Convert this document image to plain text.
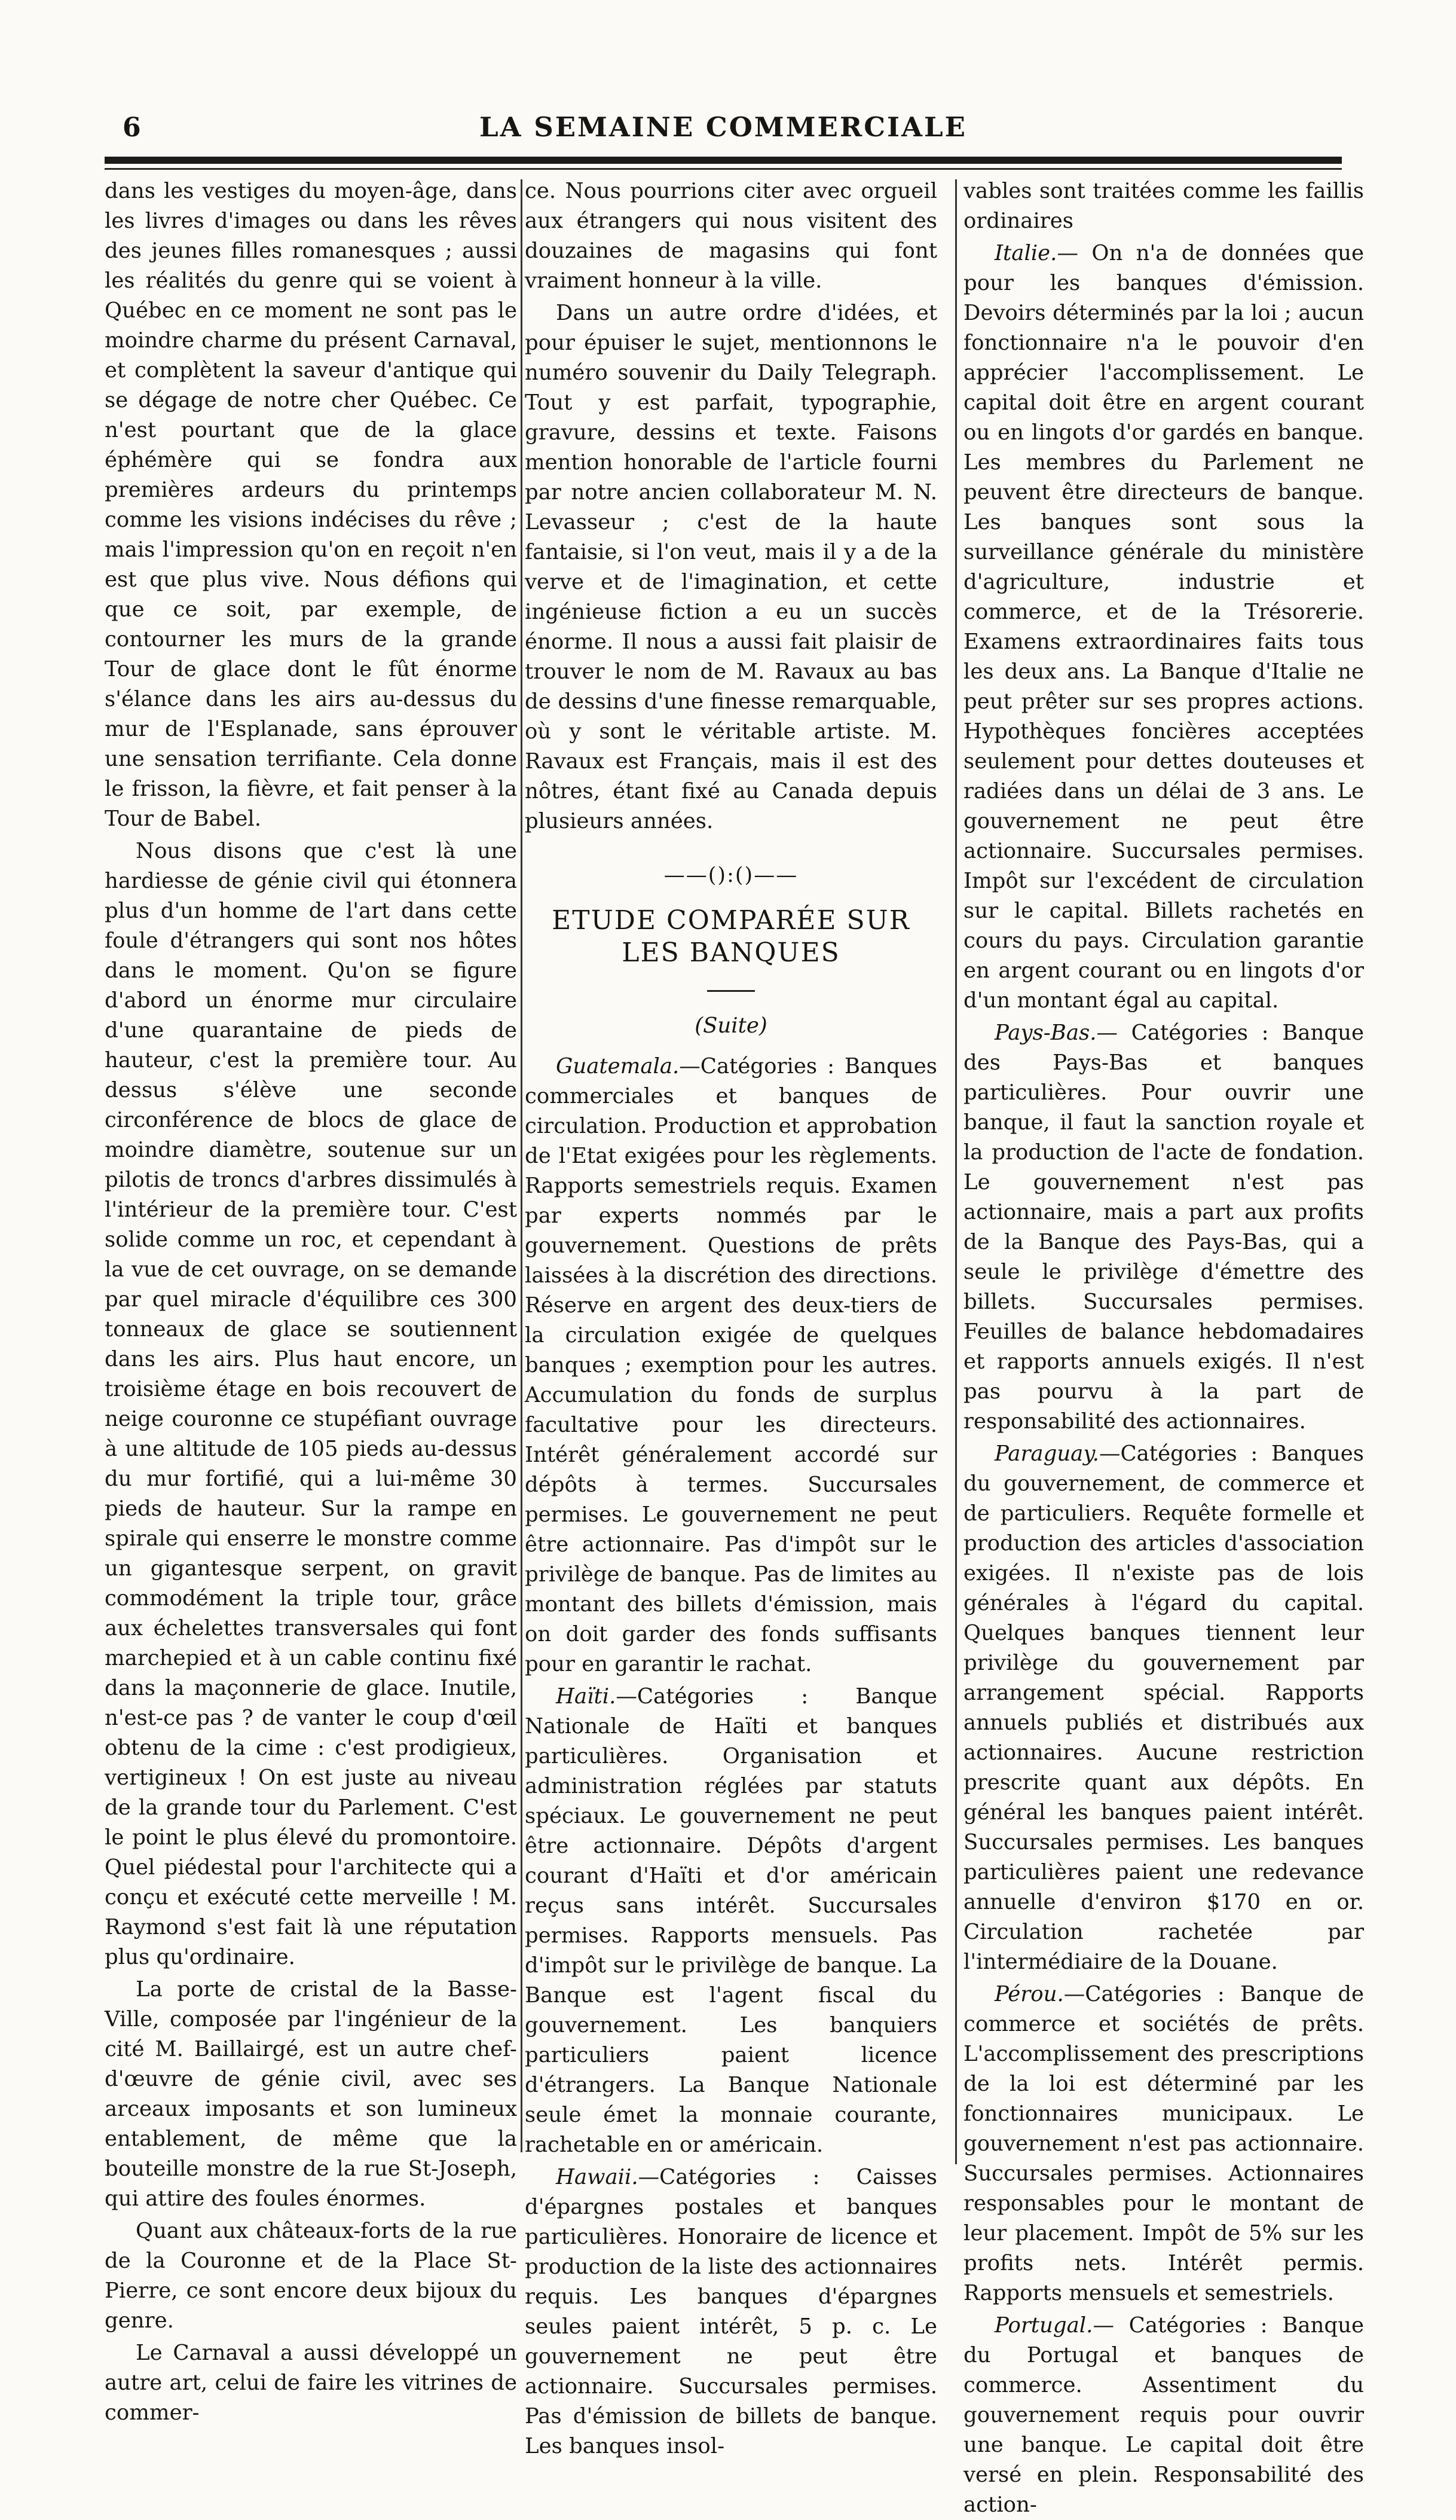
6	LA SEMAINE COMMERCIALE

dans les vestiges du moyen-âge, dans les livres d'images ou dans les rêves des jeunes filles romanesques ; aussi les réalités du genre qui se voient à Québec en ce moment ne sont pas le moindre charme du présent Carnaval, et complètent la saveur d'antique qui se dégage de notre cher Québec. Ce n'est pourtant que de la glace éphémère qui se fondra aux premières ardeurs du printemps comme les visions indécises du rêve ; mais l'impression qu'on en reçoit n'en est que plus vive. Nous défions qui que ce soit, par exemple, de contourner les murs de la grande Tour de glace dont le fût énorme s'élance dans les airs au-dessus du mur de l'Esplanade, sans éprouver une sensation terrifiante. Cela donne le frisson, la fièvre, et fait penser à la Tour de Babel.

Nous disons que c'est là une hardiesse de génie civil qui étonnera plus d'un homme de l'art dans cette foule d'étrangers qui sont nos hôtes dans le moment. Qu'on se figure d'abord un énorme mur circulaire d'une quarantaine de pieds de hauteur, c'est la première tour. Au dessus s'élève une seconde circonférence de blocs de glace de moindre diamètre, soutenue sur un pilotis de troncs d'arbres dissimulés à l'intérieur de la première tour. C'est solide comme un roc, et cependant à la vue de cet ouvrage, on se demande par quel miracle d'équilibre ces 300 tonneaux de glace se soutiennent dans les airs. Plus haut encore, un troisième étage en bois recouvert de neige couronne ce stupéfiant ouvrage à une altitude de 105 pieds au-dessus du mur fortifié, qui a lui-même 30 pieds de hauteur. Sur la rampe en spirale qui enserre le monstre comme un gigantesque serpent, on gravit commodément la triple tour, grâce aux échelettes transversales qui font marchepied et à un cable continu fixé dans la maçonnerie de glace. Inutile, n'est-ce pas ? de vanter le coup d'œil obtenu de la cime : c'est prodigieux, vertigineux ! On est juste au niveau de la grande tour du Parlement. C'est le point le plus élevé du promontoire. Quel piédestal pour l'architecte qui a conçu et exécuté cette merveille ! M. Raymond s'est fait là une réputation plus qu'ordinaire.

La porte de cristal de la Basse-Ville, composée par l'ingénieur de la cité M. Baillairgé, est un autre chef-d'œuvre de génie civil, avec ses arceaux imposants et son lumineux entablement, de même que la bouteille monstre de la rue St-Joseph, qui attire des foules énormes.

Quant aux châteaux-forts de la rue de la Couronne et de la Place St-Pierre, ce sont encore deux bijoux du genre.

Le Carnaval a aussi développé un autre art, celui de faire les vitrines de commer-

ce. Nous pourrions citer avec orgueil aux étrangers qui nous visitent des douzaines de magasins qui font vraiment honneur à la ville.

Dans un autre ordre d'idées, et pour épuiser le sujet, mentionnons le numéro souvenir du Daily Telegraph. Tout y est parfait, typographie, gravure, dessins et texte. Faisons mention honorable de l'article fourni par notre ancien collaborateur M. N. Levasseur ; c'est de la haute fantaisie, si l'on veut, mais il y a de la verve et de l'imagination, et cette ingénieuse fiction a eu un succès énorme. Il nous a aussi fait plaisir de trouver le nom de M. Ravaux au bas de dessins d'une finesse remarquable, où y sont le véritable artiste. M. Ravaux est Français, mais il est des nôtres, étant fixé au Canada depuis plusieurs années.

——():()——

ETUDE COMPARÉE SUR LES BANQUES

(Suite)

Guatemala.—Catégories : Banques commerciales et banques de circulation. Production et approbation de l'Etat exigées pour les règlements. Rapports semestriels requis. Examen par experts nommés par le gouvernement. Questions de prêts laissées à la discrétion des directions. Réserve en argent des deux-tiers de la circulation exigée de quelques banques ; exemption pour les autres. Accumulation du fonds de surplus facultative pour les directeurs. Intérêt généralement accordé sur dépôts à termes. Succursales permises. Le gouvernement ne peut être actionnaire. Pas d'impôt sur le privilège de banque. Pas de limites au montant des billets d'émission, mais on doit garder des fonds suffisants pour en garantir le rachat.

Haïti.—Catégories : Banque Nationale de Haïti et banques particulières. Organisation et administration réglées par statuts spéciaux. Le gouvernement ne peut être actionnaire. Dépôts d'argent courant d'Haïti et d'or américain reçus sans intérêt. Succursales permises. Rapports mensuels. Pas d'impôt sur le privilège de banque. La Banque est l'agent fiscal du gouvernement. Les banquiers particuliers paient licence d'étrangers. La Banque Nationale seule émet la monnaie courante, rachetable en or américain.

Hawaii.—Catégories : Caisses d'épargnes postales et banques particulières. Honoraire de licence et production de la liste des actionnaires requis. Les banques d'épargnes seules paient intérêt, 5 p. c. Le gouvernement ne peut être actionnaire. Succursales permises. Pas d'émission de billets de banque. Les banques insol-

vables sont traitées comme les faillis ordinaires

Italie.— On n'a de données que pour les banques d'émission. Devoirs déterminés par la loi ; aucun fonctionnaire n'a le pouvoir d'en apprécier l'accomplissement. Le capital doit être en argent courant ou en lingots d'or gardés en banque. Les membres du Parlement ne peuvent être directeurs de banque. Les banques sont sous la surveillance générale du ministère d'agriculture, industrie et commerce, et de la Trésorerie. Examens extraordinaires faits tous les deux ans. La Banque d'Italie ne peut prêter sur ses propres actions. Hypothèques foncières acceptées seulement pour dettes douteuses et radiées dans un délai de 3 ans. Le gouvernement ne peut être actionnaire. Succursales permises. Impôt sur l'excédent de circulation sur le capital. Billets rachetés en cours du pays. Circulation garantie en argent courant ou en lingots d'or d'un montant égal au capital.

Pays-Bas.— Catégories : Banque des Pays-Bas et banques particulières. Pour ouvrir une banque, il faut la sanction royale et la production de l'acte de fondation. Le gouvernement n'est pas actionnaire, mais a part aux profits de la Banque des Pays-Bas, qui a seule le privilège d'émettre des billets. Succursales permises. Feuilles de balance hebdomadaires et rapports annuels exigés. Il n'est pas pourvu à la part de responsabilité des actionnaires.

Paraguay.—Catégories : Banques du gouvernement, de commerce et de particuliers. Requête formelle et production des articles d'association exigées. Il n'existe pas de lois générales à l'égard du capital. Quelques banques tiennent leur privilège du gouvernement par arrangement spécial. Rapports annuels publiés et distribués aux actionnaires. Aucune restriction prescrite quant aux dépôts. En général les banques paient intérêt. Succursales permises. Les banques particulières paient une redevance annuelle d'environ $170 en or. Circulation rachetée par l'intermédiaire de la Douane.

Pérou.—Catégories : Banque de commerce et sociétés de prêts. L'accomplissement des prescriptions de la loi est déterminé par les fonctionnaires municipaux. Le gouvernement n'est pas actionnaire. Succursales permises. Actionnaires responsables pour le montant de leur placement. Impôt de 5% sur les profits nets. Intérêt permis. Rapports mensuels et semestriels.

Portugal.— Catégories : Banque du Portugal et banques de commerce. Assentiment du gouvernement requis pour ouvrir une banque. Le capital doit être versé en plein. Responsabilité des action-
